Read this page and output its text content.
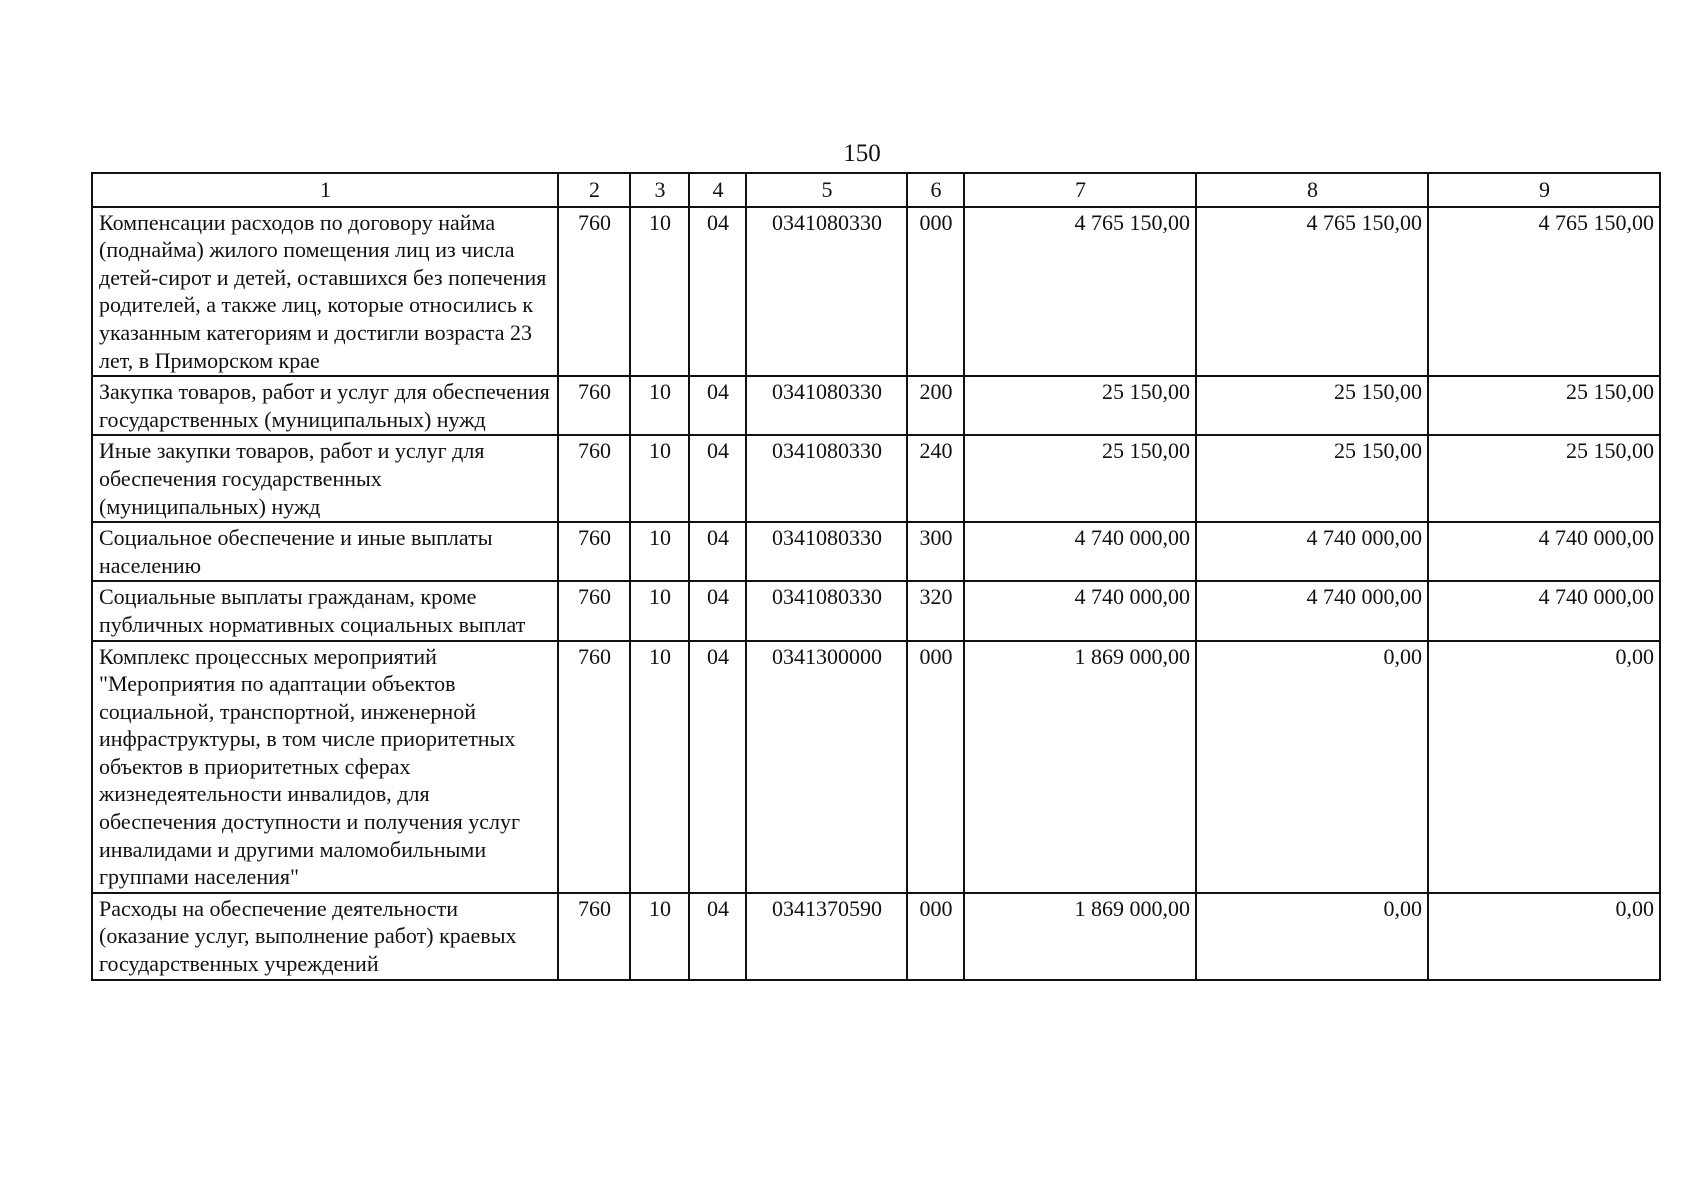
150
1	2	3	4	5	6	7	8	9
Компенсации расходов по договору найма (поднайма) жилого помещения лиц из числа детей-сирот и детей, оставшихся без попечения родителей, а также лиц, которые относились к указанным категориям и достигли возраста 23 лет, в Приморском крае	760	10	04	0341080330	000	4 765 150,00	4 765 150,00	4 765 150,00
Закупка товаров, работ и услуг для обеспечения государственных (муниципальных) нужд	760	10	04	0341080330	200	25 150,00	25 150,00	25 150,00
Иные закупки товаров, работ и услуг для обеспечения государственных (муниципальных) нужд	760	10	04	0341080330	240	25 150,00	25 150,00	25 150,00
Социальное обеспечение и иные выплаты населению	760	10	04	0341080330	300	4 740 000,00	4 740 000,00	4 740 000,00
Социальные выплаты гражданам, кроме публичных нормативных социальных выплат	760	10	04	0341080330	320	4 740 000,00	4 740 000,00	4 740 000,00
Комплекс процессных мероприятий "Мероприятия по адаптации объектов социальной, транспортной, инженерной инфраструктуры, в том числе приоритетных объектов в приоритетных сферах жизнедеятельности инвалидов, для обеспечения доступности и получения услуг инвалидами и другими маломобильными группами населения"	760	10	04	0341300000	000	1 869 000,00	0,00	0,00
Расходы на обеспечение деятельности (оказание услуг, выполнение работ) краевых государственных учреждений	760	10	04	0341370590	000	1 869 000,00	0,00	0,00
